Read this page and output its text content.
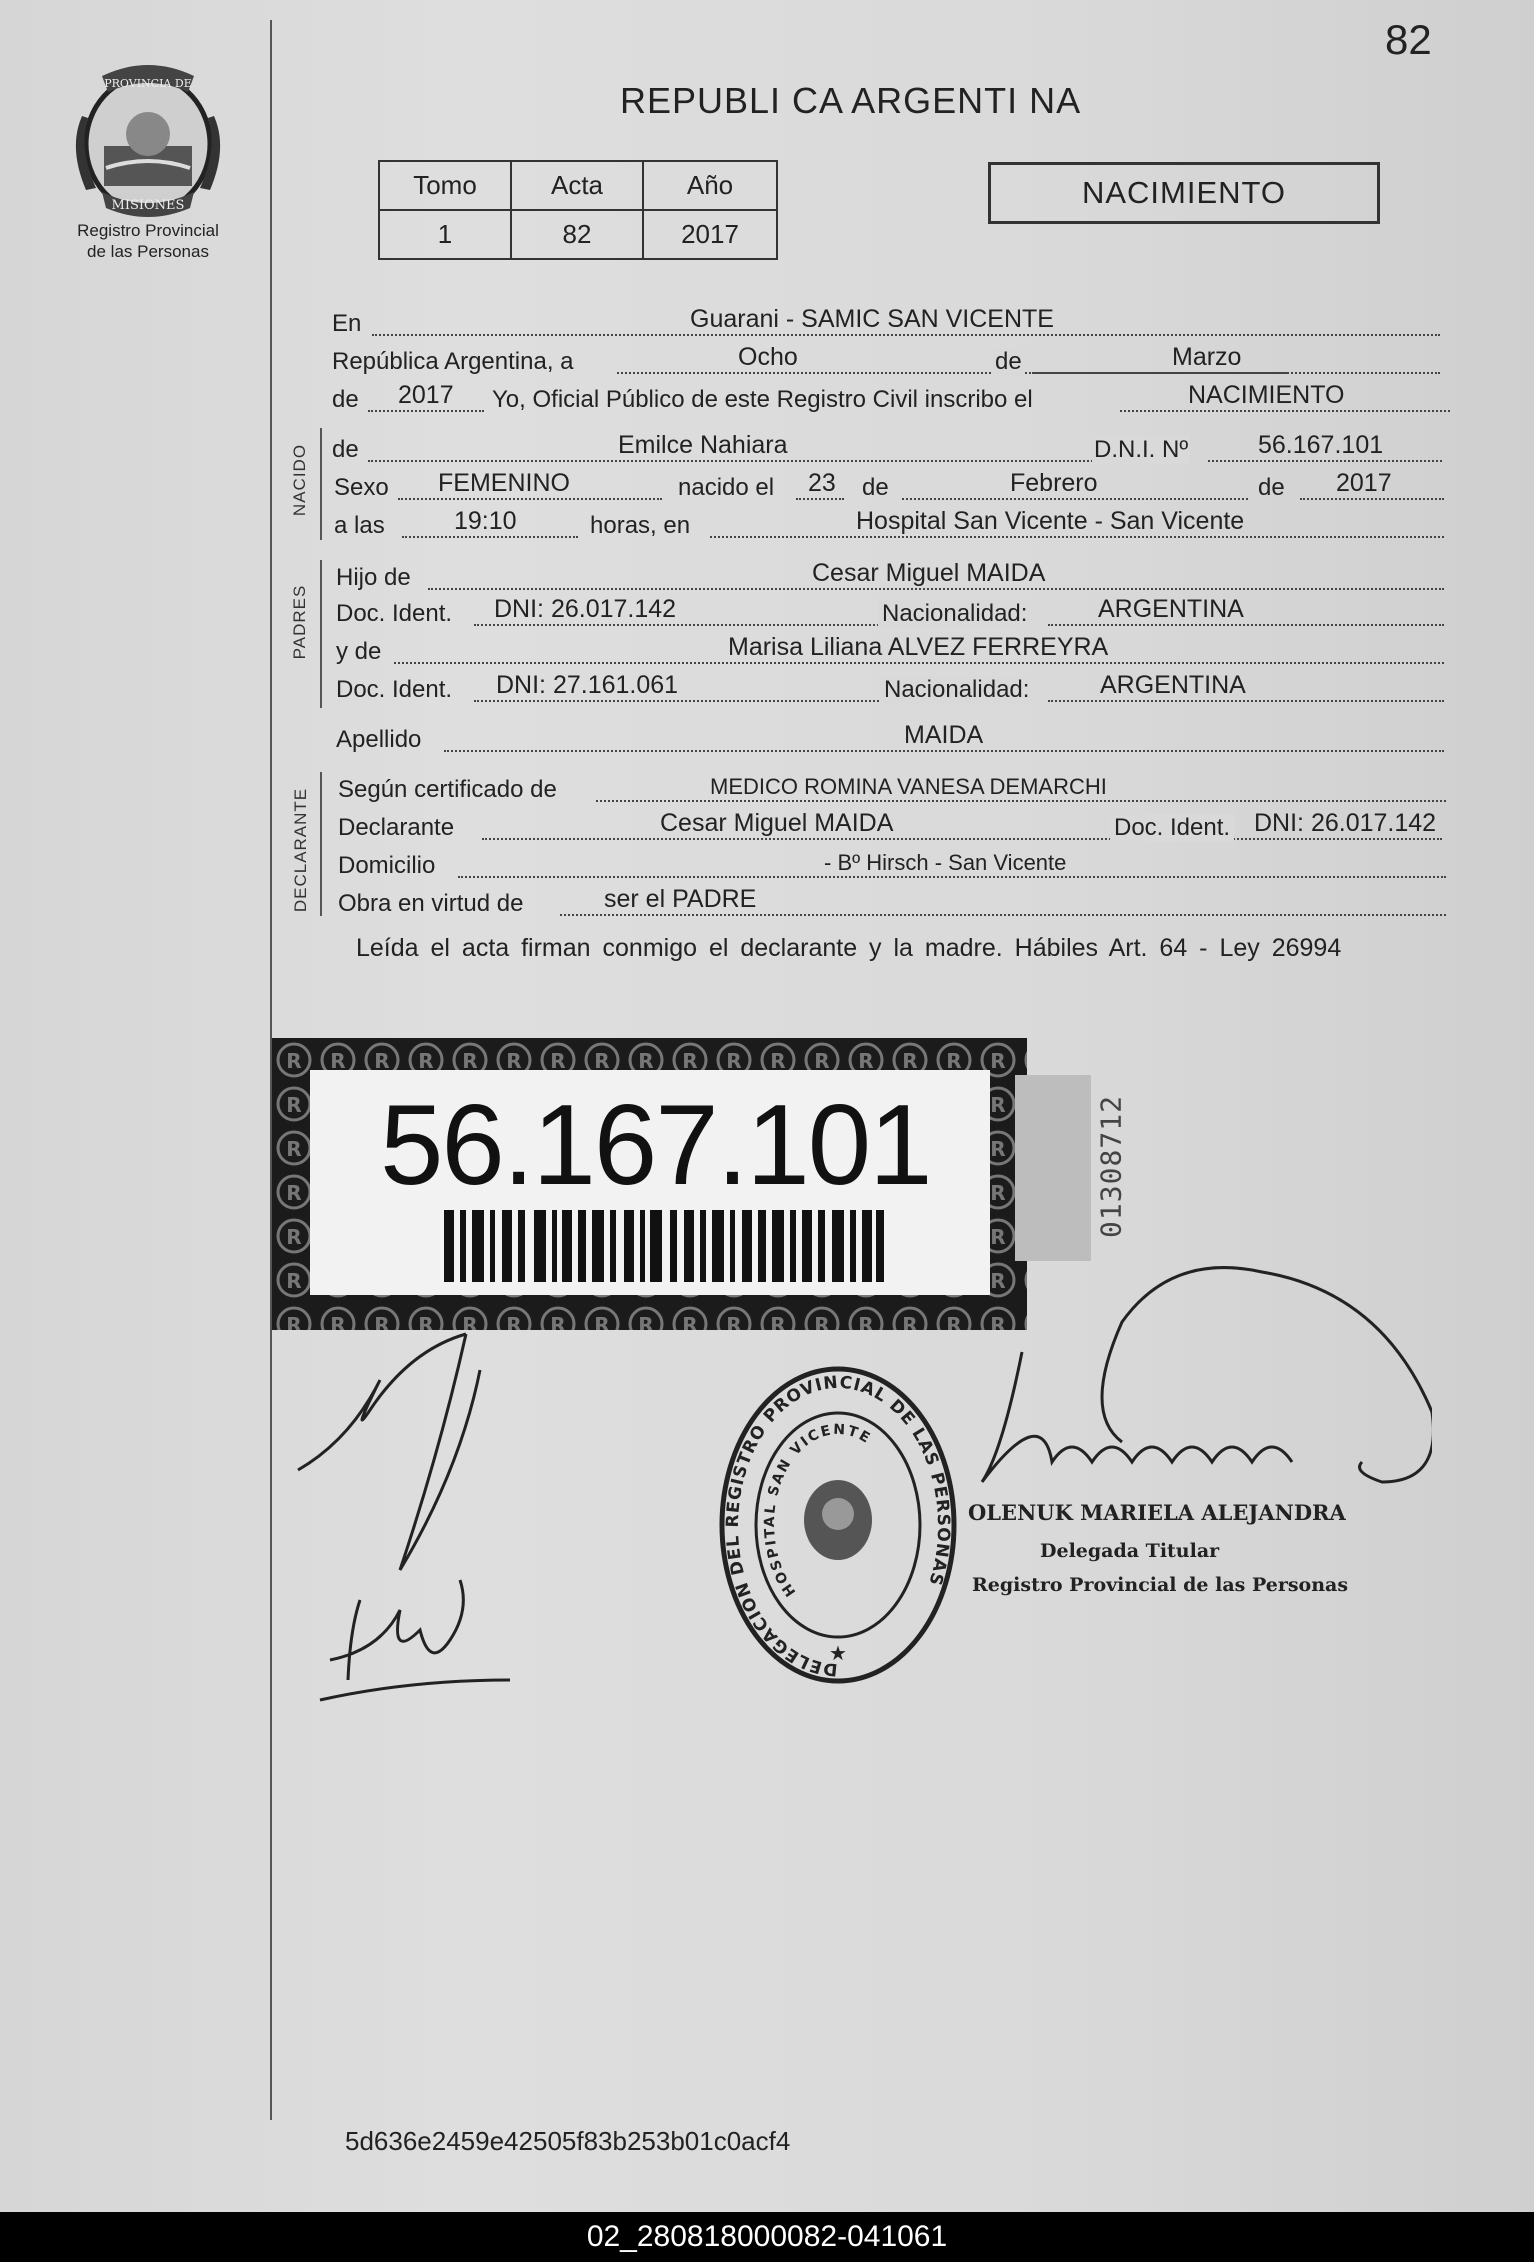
82
REPUBLI CA ARGENTI NA
PROVINCIA DE
MISIONES
Registro Provincial
de las Personas
Tomo	Acta	Año
1	82	2017
NACIMIENTO
En	Guarani - SAMIC SAN VICENTE
República Argentina, a	Ocho	de	Marzo
de 2017 Yo, Oficial Público de este Registro Civil inscribo el	NACIMIENTO
NACIDO de	Emilce Nahiara	D.N.I. Nº	56.167.101
Sexo FEMENINO	nacido el 23 de	Febrero	de 2017
a las	19:10	horas, en	Hospital San Vicente - San Vicente
PADRES
Hijo de	Cesar Miguel MAIDA
Doc. Ident. DNI: 26.017.142	Nacionalidad:	ARGENTINA
y de	Marisa Liliana ALVEZ FERREYRA
Doc. Ident. DNI: 27.161.061	Nacionalidad:	ARGENTINA
Apellido	MAIDA
DECLARANTE Según certificado de	MEDICO ROMINA VANESA DEMARCHI
Declarante	Cesar Miguel MAIDA	Doc. Ident. DNI: 26.017.142
Domicilio	- Bº Hirsch - San Vicente
Obra en virtud de	ser el PADRE
Leída el acta firman conmigo el declarante y la madre. Hábiles Art. 64 - Ley 26994
56.167.101	01308712
DELEGACION DEL REGISTRO PROVINCIAL DE LAS PERSONAS
HOSPITAL SAN VICENTE
★
OLENUK MARIELA ALEJANDRA
Delegada Titular
Registro Provincial de las Personas
5d636e2459e42505f83b253b01c0acf4
02_280818000082-041061
